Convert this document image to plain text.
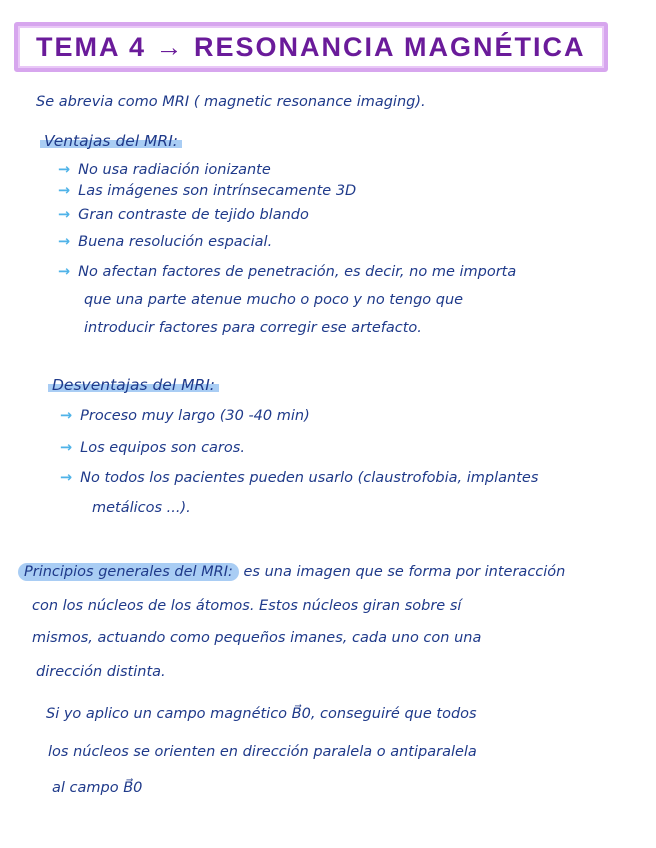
TEMA 4 → RESONANCIA MAGNÉTICA
Se abrevia como MRI ( magnetic resonance imaging).
Ventajas del MRI:
→ No usa radiación ionizante
→ Las imágenes son intrínsecamente 3D
→ Gran contraste de tejido blando
→ Buena resolución espacial.
→ No afectan factores de penetración, es decir, no me importa
que una parte atenue mucho o poco y no tengo que
introducir factores para corregir ese artefacto.
Desventajas del MRI:
→ Proceso muy largo (30 -40 min)
→ Los equipos son caros.
→ No todos los pacientes pueden usarlo (claustrofobia, implantes
metálicos ...).
Principios generales del MRI: es una imagen que se forma por interacción
con los núcleos de los átomos. Estos núcleos giran sobre sí
mismos, actuando como pequeños imanes, cada uno con una
dirección distinta.
Si yo aplico un campo magnético B⃗0, conseguiré que todos
los núcleos se orienten en dirección paralela o antiparalela
al campo B⃗0
